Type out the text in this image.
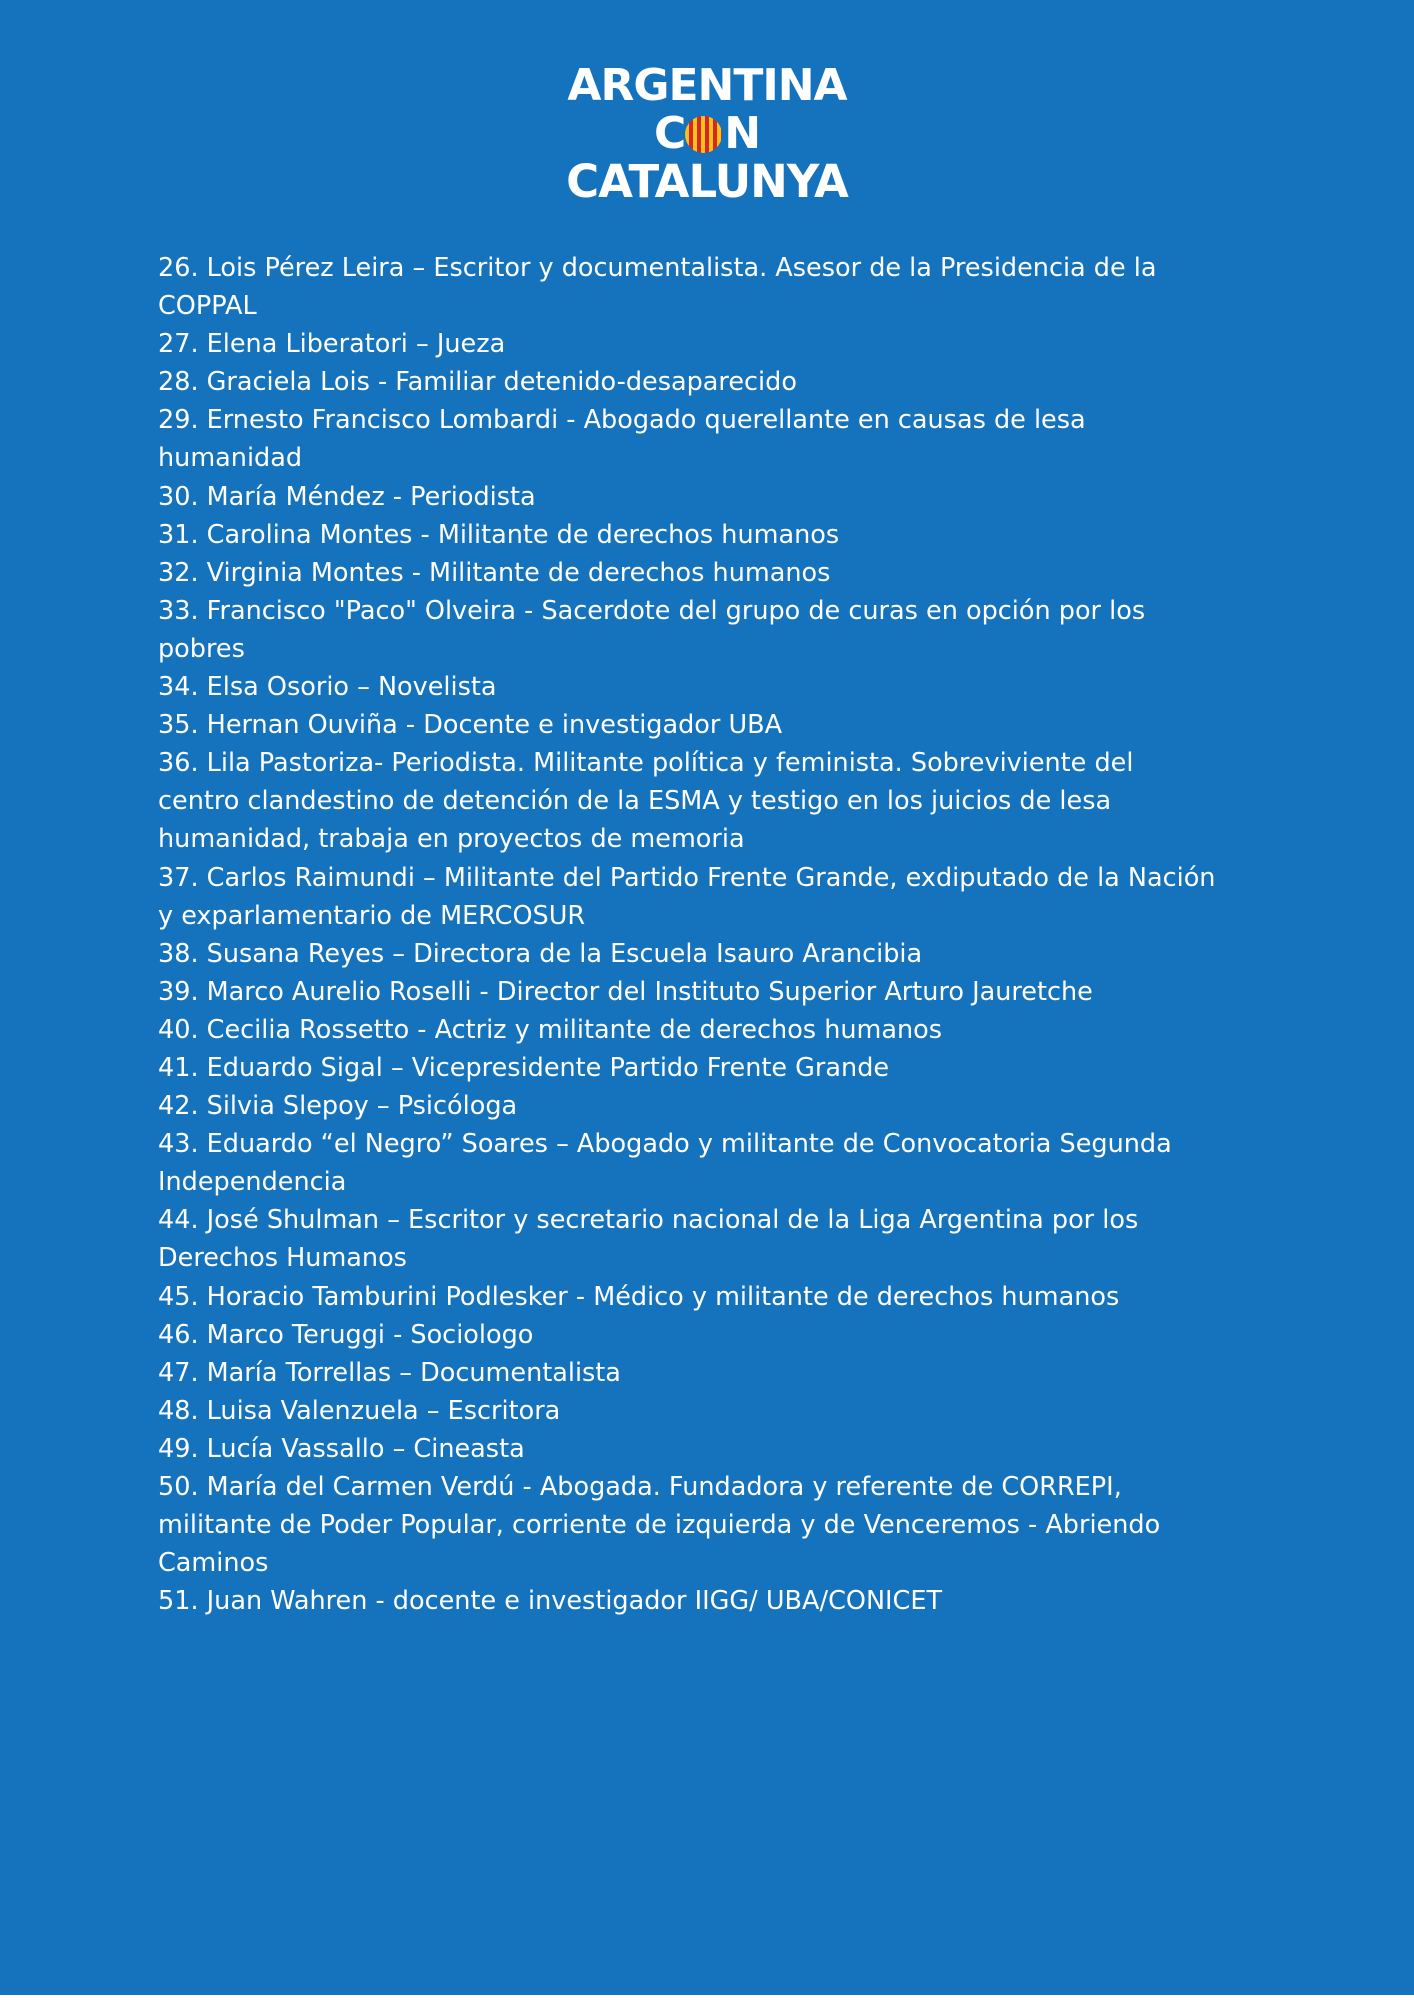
ARGENTINA
C N
CATALUNYA

26. Lois Pérez Leira – Escritor y documentalista. Asesor de la Presidencia de la COPPAL

27. Elena Liberatori – Jueza

28. Graciela Lois - Familiar detenido-desaparecido

29. Ernesto Francisco Lombardi - Abogado querellante en causas de lesa humanidad

30. María Méndez - Periodista

31. Carolina Montes - Militante de derechos humanos

32. Virginia Montes - Militante de derechos humanos

33. Francisco "Paco" Olveira - Sacerdote del grupo de curas en opción por los pobres

34. Elsa Osorio – Novelista

35. Hernan Ouviña - Docente e investigador UBA

36. Lila Pastoriza- Periodista. Militante política y feminista. Sobreviviente del centro clandestino de detención de la ESMA y testigo en los juicios de lesa humanidad, trabaja en proyectos de memoria

37. Carlos Raimundi – Militante del Partido Frente Grande, exdiputado de la Nación y exparlamentario de MERCOSUR

38. Susana Reyes – Directora de la Escuela Isauro Arancibia

39. Marco Aurelio Roselli - Director del Instituto Superior Arturo Jauretche

40. Cecilia Rossetto - Actriz y militante de derechos humanos

41. Eduardo Sigal – Vicepresidente Partido Frente Grande

42. Silvia Slepoy – Psicóloga

43. Eduardo “el Negro” Soares – Abogado y militante de Convocatoria Segunda Independencia

44. José Shulman – Escritor y secretario nacional de la Liga Argentina por los Derechos Humanos

45. Horacio Tamburini Podlesker - Médico y militante de derechos humanos

46. Marco Teruggi - Sociologo

47. María Torrellas – Documentalista

48. Luisa Valenzuela – Escritora

49. Lucía Vassallo – Cineasta

50. María del Carmen Verdú - Abogada. Fundadora y referente de CORREPI, militante de Poder Popular, corriente de izquierda y de Venceremos - Abriendo Caminos

51. Juan Wahren - docente e investigador IIGG/ UBA/CONICET
